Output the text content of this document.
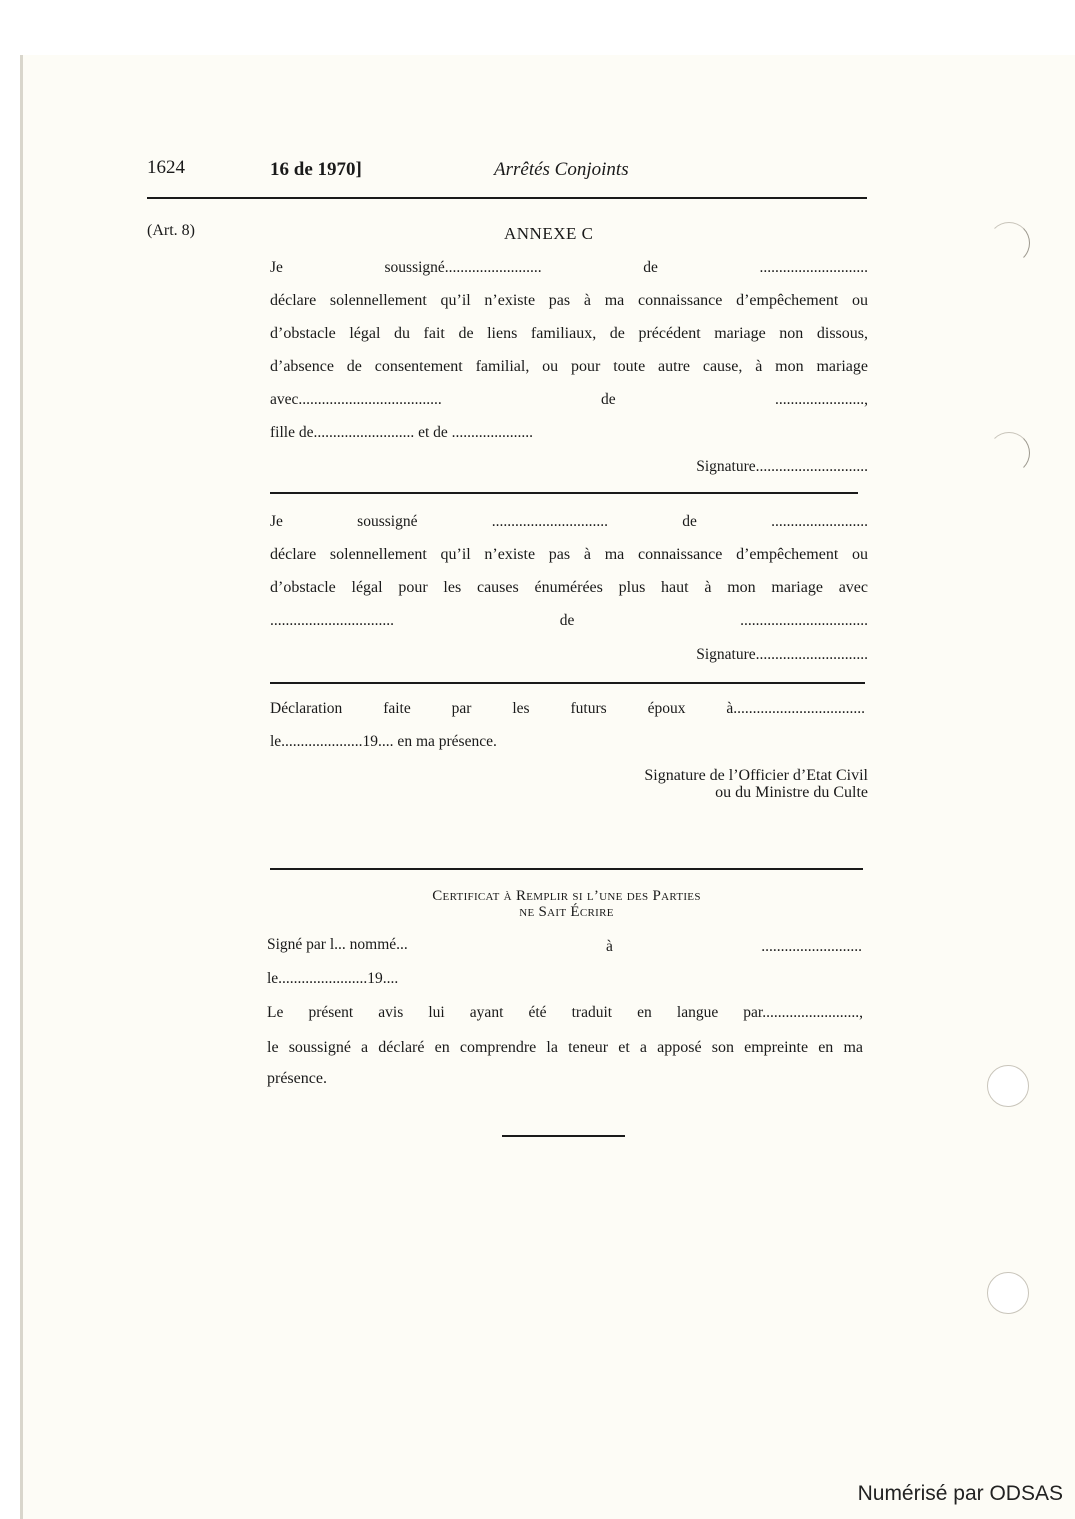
1624	16 de 1970]	Arrêtés Conjoints
(Art. 8)	ANNEXE C
Je soussigné......................... de ............................
déclare solennellement qu’il n’existe pas à ma connaissance d’empêchement ou
d’obstacle légal du fait de liens familiaux, de précédent mariage non dissous,
d’absence de consentement familial, ou pour toute autre cause, à mon mariage
avec..................................... de .......................,
fille de.......................... et de .....................
Signature.............................
Je soussigné .............................. de .........................
déclare solennellement qu’il n’existe pas à ma connaissance d’empêchement ou
d’obstacle légal pour les causes énumérées plus haut à mon mariage avec
................................ de .................................
Signature.............................
Déclaration faite par les futurs époux à..................................
le.....................19.... en ma présence.
Signature de l’Officier d’Etat Civil
ou du Ministre du Culte
Certificat à Remplir si l’une des Parties
ne Sait Écrire
Signé par l... nommé...	à ..........................
le.......................19....
Le présent avis lui ayant été traduit en langue par.........................,
le soussigné a déclaré en comprendre la teneur et a apposé son empreinte en ma
présence.
Numérisé par ODSAS
